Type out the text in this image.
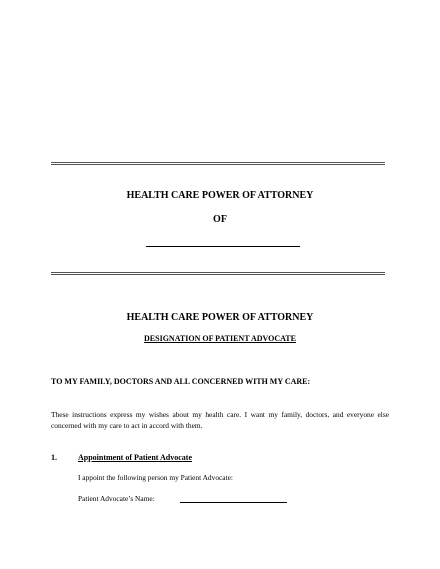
HEALTH CARE POWER OF ATTORNEY
OF
HEALTH CARE POWER OF ATTORNEY
DESIGNATION OF PATIENT ADVOCATE
TO MY FAMILY, DOCTORS AND ALL CONCERNED WITH MY CARE:
These instructions express my wishes about my health care. I want my family, doctors, and everyone else concerned with my care to act in accord with them.
1.	Appointment of Patient Advocate
I appoint the following person my Patient Advocate:
Patient Advocate’s Name:
